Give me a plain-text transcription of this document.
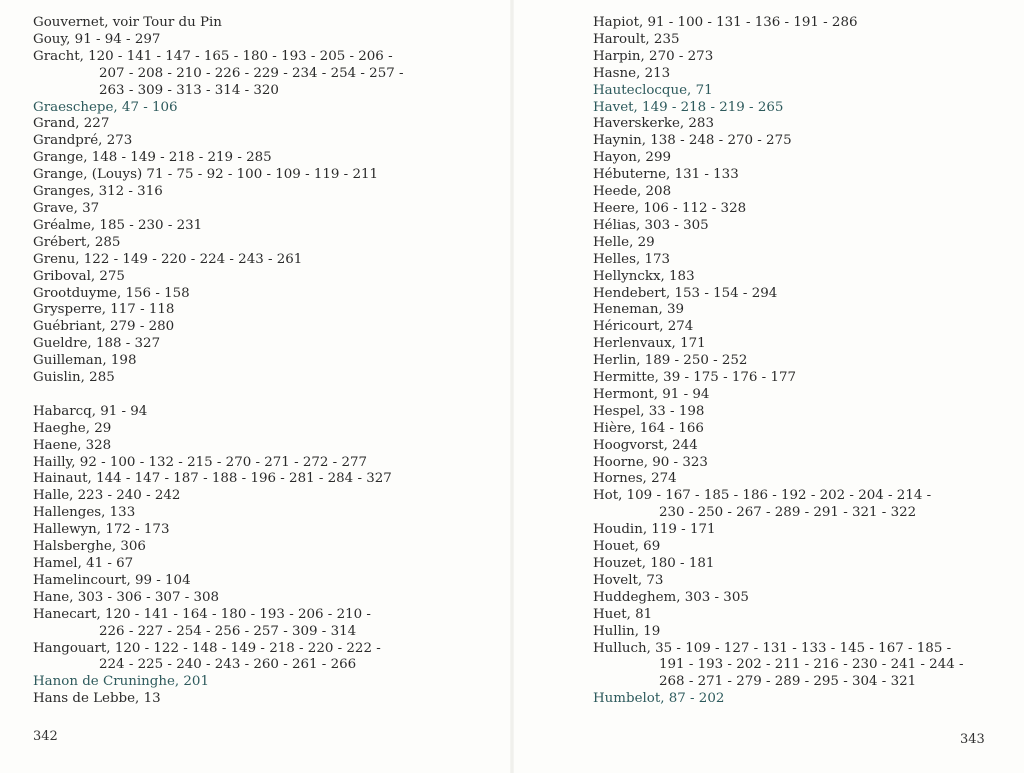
Gouvernet, voir Tour du Pin
Gouy, 91 - 94 - 297
Gracht, 120 - 141 - 147 - 165 - 180 - 193 - 205 - 206 -
207 - 208 - 210 - 226 - 229 - 234 - 254 - 257 -
263 - 309 - 313 - 314 - 320
Graeschepe, 47 - 106
Grand, 227
Grandpré, 273
Grange, 148 - 149 - 218 - 219 - 285
Grange, (Louys) 71 - 75 - 92 - 100 - 109 - 119 - 211
Granges, 312 - 316
Grave, 37
Gréalme, 185 - 230 - 231
Grébert, 285
Grenu, 122 - 149 - 220 - 224 - 243 - 261
Griboval, 275
Grootduyme, 156 - 158
Grysperre, 117 - 118
Guébriant, 279 - 280
Gueldre, 188 - 327
Guilleman, 198
Guislin, 285
Habarcq, 91 - 94
Haeghe, 29
Haene, 328
Hailly, 92 - 100 - 132 - 215 - 270 - 271 - 272 - 277
Hainaut, 144 - 147 - 187 - 188 - 196 - 281 - 284 - 327
Halle, 223 - 240 - 242
Hallenges, 133
Hallewyn, 172 - 173
Halsberghe, 306
Hamel, 41 - 67
Hamelincourt, 99 - 104
Hane, 303 - 306 - 307 - 308
Hanecart, 120 - 141 - 164 - 180 - 193 - 206 - 210 -
226 - 227 - 254 - 256 - 257 - 309 - 314
Hangouart, 120 - 122 - 148 - 149 - 218 - 220 - 222 -
224 - 225 - 240 - 243 - 260 - 261 - 266
Hanon de Cruninghe, 201
Hans de Lebbe, 13
342
Hapiot, 91 - 100 - 131 - 136 - 191 - 286
Haroult, 235
Harpin, 270 - 273
Hasne, 213
Hauteclocque, 71
Havet, 149 - 218 - 219 - 265
Haverskerke, 283
Haynin, 138 - 248 - 270 - 275
Hayon, 299
Hébuterne, 131 - 133
Heede, 208
Heere, 106 - 112 - 328
Hélias, 303 - 305
Helle, 29
Helles, 173
Hellynckx, 183
Hendebert, 153 - 154 - 294
Heneman, 39
Héricourt, 274
Herlenvaux, 171
Herlin, 189 - 250 - 252
Hermitte, 39 - 175 - 176 - 177
Hermont, 91 - 94
Hespel, 33 - 198
Hière, 164 - 166
Hoogvorst, 244
Hoorne, 90 - 323
Hornes, 274
Hot, 109 - 167 - 185 - 186 - 192 - 202 - 204 - 214 -
230 - 250 - 267 - 289 - 291 - 321 - 322
Houdin, 119 - 171
Houet, 69
Houzet, 180 - 181
Hovelt, 73
Huddeghem, 303 - 305
Huet, 81
Hullin, 19
Hulluch, 35 - 109 - 127 - 131 - 133 - 145 - 167 - 185 -
191 - 193 - 202 - 211 - 216 - 230 - 241 - 244 -
268 - 271 - 279 - 289 - 295 - 304 - 321
Humbelot, 87 - 202
343
